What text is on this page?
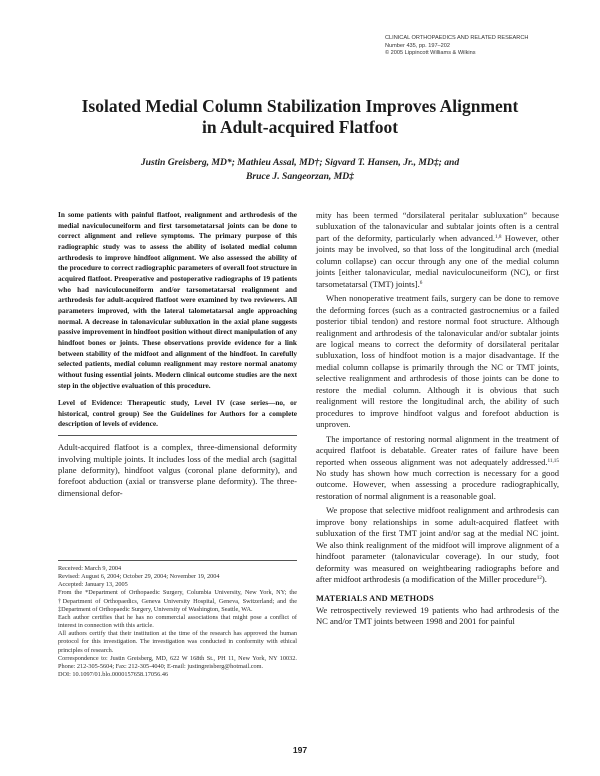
CLINICAL ORTHOPAEDICS AND RELATED RESEARCH
Number 435, pp. 197–202
© 2005 Lippincott Williams & Wilkins
Isolated Medial Column Stabilization Improves Alignment
in Adult-acquired Flatfoot
Justin Greisberg, MD*; Mathieu Assal, MD†; Sigvard T. Hansen, Jr., MD‡; and
Bruce J. Sangeorzan, MD‡

In some patients with painful flatfoot, realignment and arthrodesis of the medial naviculocuneiform and first tarsometatarsal joints can be done to correct alignment and relieve symptoms. The primary purpose of this radiographic study was to assess the ability of isolated medial column arthrodesis to improve hindfoot alignment. We also assessed the ability of the procedure to correct radiographic parameters of overall foot structure in acquired flatfoot. Preoperative and postoperative radiographs of 19 patients who had naviculocuneiform and/or tarsometatarsal realignment and arthrodesis for adult-acquired flatfoot were examined by two reviewers. All parameters improved, with the lateral talometatarsal angle approaching normal. A decrease in talonavicular subluxation in the axial plane suggests passive improvement in hindfoot position without direct manipulation of any hindfoot bones or joints. These observations provide evidence for a link between stability of the midfoot and alignment of the hindfoot. In carefully selected patients, medial column realignment may restore normal anatomy without fusing essential joints. Modern clinical outcome studies are the next step in the objective evaluation of this procedure.

Level of Evidence: Therapeutic study, Level IV (case series—no, or historical, control group) See the Guidelines for Authors for a complete description of levels of evidence.

Adult-acquired flatfoot is a complex, three-dimensional deformity involving multiple joints. It includes loss of the medial arch (sagittal plane deformity), hindfoot valgus (coronal plane deformity), and forefoot abduction (axial or transverse plane deformity). The three-dimensional defor-

Received: March 9, 2004
Revised: August 6, 2004; October 29, 2004; November 19, 2004
Accepted: January 13, 2005
From the *Department of Orthopaedic Surgery, Columbia University, New York, NY; the †Department of Orthopaedics, Geneva University Hospital, Geneva, Switzerland; and the ‡Department of Orthopaedic Surgery, University of Washington, Seattle, WA.
Each author certifies that he has no commercial associations that might pose a conflict of interest in connection with this article.
All authors certify that their institution at the time of the research has approved the human protocol for this investigation. The investigation was conducted in conformity with ethical principles of research.
Correspondence to: Justin Greisberg, MD, 622 W 168th St., PH 11, New York, NY 10032. Phone: 212-305-5604; Fax: 212-305-4040; E-mail: justingreisberg@hotmail.com.
DOI: 10.1097/01.blo.0000157658.17056.46

mity has been termed “dorsilateral peritalar subluxation” because subluxation of the talonavicular and subtalar joints often is a central part of the deformity, particularly when advanced.$^{1,8}$ However, other joints may be involved, so that loss of the longitudinal arch (medial column collapse) can occur through any one of the medial column joints [either talonavicular, medial naviculocuneiform (NC), or first tarsometatarsal (TMT) joints].$^6$

When nonoperative treatment fails, surgery can be done to remove the deforming forces (such as a contracted gastrocnemius or a failed posterior tibial tendon) and restore normal foot structure. Although realignment and arthrodesis of the talonavicular and/or subtalar joints are logical means to correct the deformity of dorsilateral peritalar subluxation, loss of hindfoot motion is a major disadvantage. If the medial column collapse is primarily through the NC or TMT joints, selective realignment and arthrodesis of those joints can be done to restore the medial column. Although it is obvious that such realignment will restore the longitudinal arch, the ability of such procedures to improve hindfoot valgus and forefoot abduction is unproven.

The importance of restoring normal alignment in the treatment of acquired flatfoot is debatable. Greater rates of failure have been reported when osseous alignment was not adequately addressed.$^{11,15}$ No study has shown how much correction is necessary for a good outcome. However, when assessing a procedure radiographically, restoration of normal alignment is a reasonable goal.

We propose that selective midfoot realignment and arthrodesis can improve bony relationships in some adult-acquired flatfeet with subluxation of the first TMT joint and/or sag at the medial NC joint. We also think realignment of the midfoot will improve alignment of a hindfoot parameter (talonavicular coverage). In our study, foot deformity was measured on weightbearing radiographs before and after midfoot arthrodesis (a modification of the Miller procedure$^{12}$).

MATERIALS AND METHODS

We retrospectively reviewed 19 patients who had arthrodesis of the NC and/or TMT joints between 1998 and 2001 for painful

197
